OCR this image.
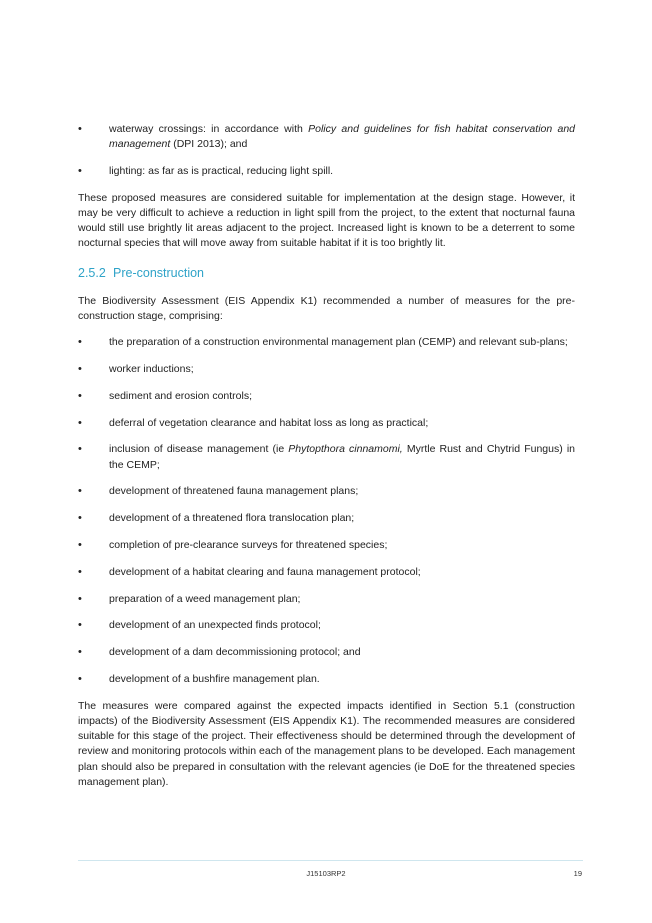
•	waterway crossings: in accordance with Policy and guidelines for fish habitat conservation and management (DPI 2013); and
•	lighting: as far as is practical, reducing light spill.

These proposed measures are considered suitable for implementation at the design stage. However, it may be very difficult to achieve a reduction in light spill from the project, to the extent that nocturnal fauna would still use brightly lit areas adjacent to the project. Increased light is known to be a deterrent to some nocturnal species that will move away from suitable habitat if it is too brightly lit.

2.5.2 Pre-construction

The Biodiversity Assessment (EIS Appendix K1) recommended a number of measures for the pre-construction stage, comprising:

•	the preparation of a construction environmental management plan (CEMP) and relevant sub-plans;
•	worker inductions;
•	sediment and erosion controls;
•	deferral of vegetation clearance and habitat loss as long as practical;
•	inclusion of disease management (ie Phytopthora cinnamomi, Myrtle Rust and Chytrid Fungus) in the CEMP;
•	development of threatened fauna management plans;
•	development of a threatened flora translocation plan;
•	completion of pre-clearance surveys for threatened species;
•	development of a habitat clearing and fauna management protocol;
•	preparation of a weed management plan;
•	development of an unexpected finds protocol;
•	development of a dam decommissioning protocol; and
•	development of a bushfire management plan.

The measures were compared against the expected impacts identified in Section 5.1 (construction impacts) of the Biodiversity Assessment (EIS Appendix K1). The recommended measures are considered suitable for this stage of the project. Their effectiveness should be determined through the development of review and monitoring protocols within each of the management plans to be developed. Each management plan should also be prepared in consultation with the relevant agencies (ie DoE for the threatened species management plan).

J15103RP2	19
